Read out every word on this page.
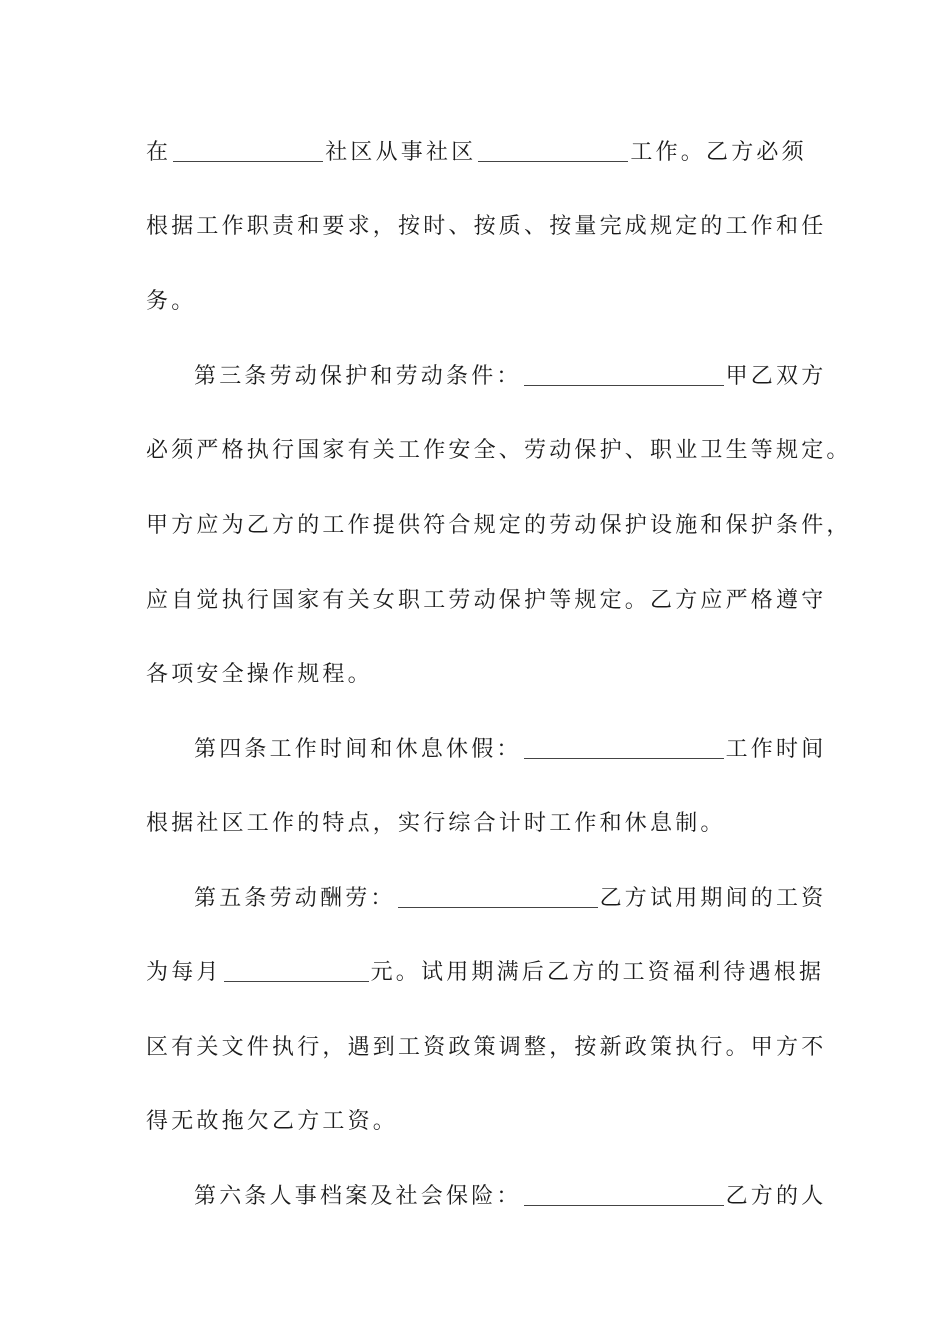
在	社区从事社区	工作。乙方必须
根据工作职责和要求，按时、按质、按量完成规定的工作和任
务。
第三条劳动保护和劳动条件：	甲乙双方
必须严格执行国家有关工作安全、劳动保护、职业卫生等规定。
甲方应为乙方的工作提供符合规定的劳动保护设施和保护条件，
应自觉执行国家有关女职工劳动保护等规定。乙方应严格遵守
各项安全操作规程。
第四条工作时间和休息休假：	工作时间
根据社区工作的特点，实行综合计时工作和休息制。
第五条劳动酬劳：	乙方试用期间的工资
为每月	元。试用期满后乙方的工资福利待遇根据
区有关文件执行，遇到工资政策调整，按新政策执行。甲方不
得无故拖欠乙方工资。
第六条人事档案及社会保险：	乙方的人
